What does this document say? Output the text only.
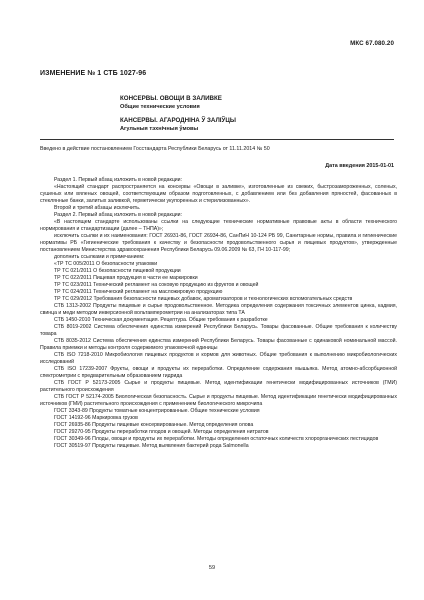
МКС 67.080.20
ИЗМЕНЕНИЕ № 1 СТБ 1027-96
КОНСЕРВЫ. ОВОЩИ В ЗАЛИВКЕ
Общие технические условия
КАНСЕРВЫ. АГАРОДНІНА Ў ЗАЛІЎЦЫ
Агульныя тэхнічныя ўмовы
Введено в действие постановлением Госстандарта Республики Беларусь от 11.11.2014 № 50
Дата введения 2015-01-01

Раздел 1. Первый абзац изложить в новой редакции:

«Настоящий стандарт распространяется на консервы «Овощи в заливке», изготовленные из свежих, быстрозамороженных, соленых, сушеных или вяленых овощей, соответствующим образом подготовленных, с добавлением или без добавления пряностей, фасованных в стеклянные банки, залитых заливкой, герметически укупоренных и стерилизованных».

Второй и третий абзацы исключить.

Раздел 2. Первый абзац изложить в новой редакции:

«В настоящем стандарте использованы ссылки на следующие технические нормативные правовые акты в области технического нормирования и стандартизации (далее – ТНПА)»;

исключить ссылки и их наименования: ГОСТ 26931-86, ГОСТ 26934-86, СанПиН 10-124 РБ 99, Санитарные нормы, правила и гигиенические нормативы РБ «Гигиенические требования к качеству и безопасности продовольственного сырья и пищевых продуктов», утвержденные постановлением Министерства здравоохранения Республики Беларусь 09.06.2009 № 63, ГН 10-117-99;

дополнить ссылками и примечанием:

«ТР ТС 005/2011 О безопасности упаковки

ТР ТС 021/2011 О безопасности пищевой продукции

ТР ТС 022/2011 Пищевая продукция в части ее маркировки

ТР ТС 023/2011 Технический регламент на соковую продукцию из фруктов и овощей

ТР ТС 024/2011 Технический регламент на масложировую продукцию

ТР ТС 029/2012 Требования безопасности пищевых добавок, ароматизаторов и технологических вспомогательных средств

СТБ 1313-2002 Продукты пищевые и сырье продовольственное. Методика определения содержания токсичных элементов цинка, кадмия, свинца и меди методом инверсионной вольтамперометрии на анализаторах типа ТА

СТБ 1450-2010 Техническая документация. Рецептура. Общие требования к разработке

СТБ 8019-2002 Система обеспечения единства измерений Республики Беларусь. Товары фасованные. Общие требования к количеству товара

СТБ 8035-2012 Система обеспечения единства измерений Республики Беларусь. Товары фасованные с одинаковой номинальной массой. Правила приемки и методы контроля содержимого упаковочной единицы

СТБ ISO 7218-2010 Микробиология пищевых продуктов и кормов для животных. Общие требования к выполнению микробиологических исследований

СТБ ISO 17239-2007 Фрукты, овощи и продукты их переработки. Определение содержания мышьяка. Метод атомно-абсорбционной спектрометрии с предварительным образованием гидрида

СТБ ГОСТ Р 52173-2005 Сырье и продукты пищевые. Метод идентификации генетически модифицированных источников (ГМИ) растительного происхождения

СТБ ГОСТ Р 52174-2005 Биологическая безопасность. Сырье и продукты пищевые. Метод идентификации генетически модифицированных источников (ГМИ) растительного происхождения с применением биологического микрочипа

ГОСТ 3343-89 Продукты томатные концентрированные. Общие технические условия

ГОСТ 14192-96 Маркировка грузов

ГОСТ 26935-86 Продукты пищевые консервированные. Метод определения олова

ГОСТ 29270-95 Продукты переработки плодов и овощей. Методы определения нитратов

ГОСТ 30349-96 Плоды, овощи и продукты их переработки. Методы определения остаточных количеств хлорорганических пестицидов

ГОСТ 30519-97 Продукты пищевые. Метод выявления бактерий рода Salmonella

59
